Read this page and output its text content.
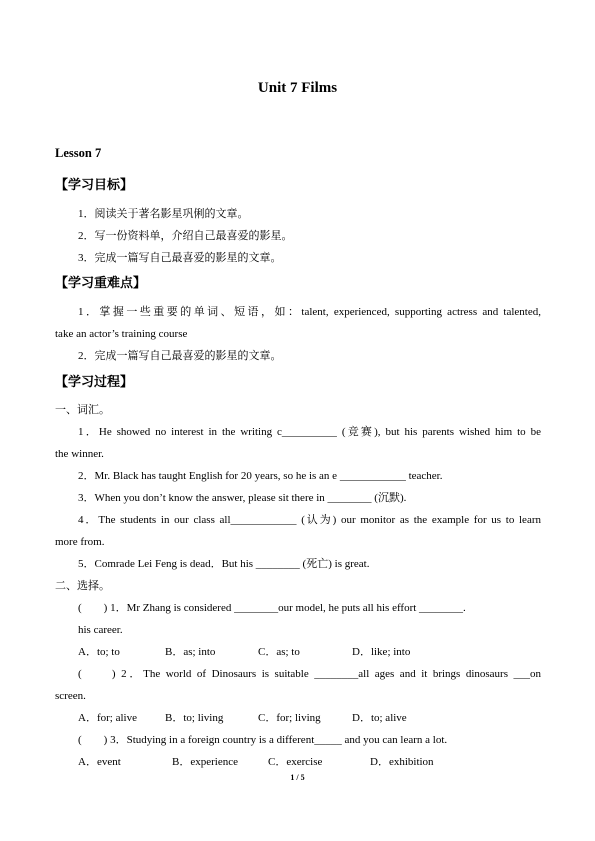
Unit 7 Films
Lesson 7
【学习目标】
1．阅读关于著名影星巩俐的文章。
2．写一份资料单，介绍自己最喜爱的影星。
3．完成一篇写自己最喜爱的影星的文章。
【学习重难点】
1．掌握一些重要的单词、短语，如：talent, experienced, supporting actress and talented,
take an actor’s training course
2．完成一篇写自己最喜爱的影星的文章。
【学习过程】
一、词汇。
1．He showed no interest in the writing c__________ (竞赛), but his parents wished him to be
the winner.
2．Mr. Black has taught English for 20 years, so he is an e ____________ teacher.
3．When you don’t know the answer, please sit there in ________ (沉默).
4．The students in our class all____________ (认为) our monitor as the example for us to learn
more from.
5．Comrade Lei Feng is dead．But his ________ (死亡) is great.
二、选择。
(　　) 1．Mr Zhang is considered ________our model, he puts all his effort ________.
his career.
A．to; to	B．as; into	C．as; to	D．like; into
(　　) 2．The world of Dinosaurs is suitable ________all ages and it brings dinosaurs ___on
screen.
A．for; alive	B．to; living	C．for; living	D．to; alive
(　　) 3．Studying in a foreign country is a different_____ and you can learn a lot.
A．event	B．experience	C．exercise	D．exhibition
1 / 5
